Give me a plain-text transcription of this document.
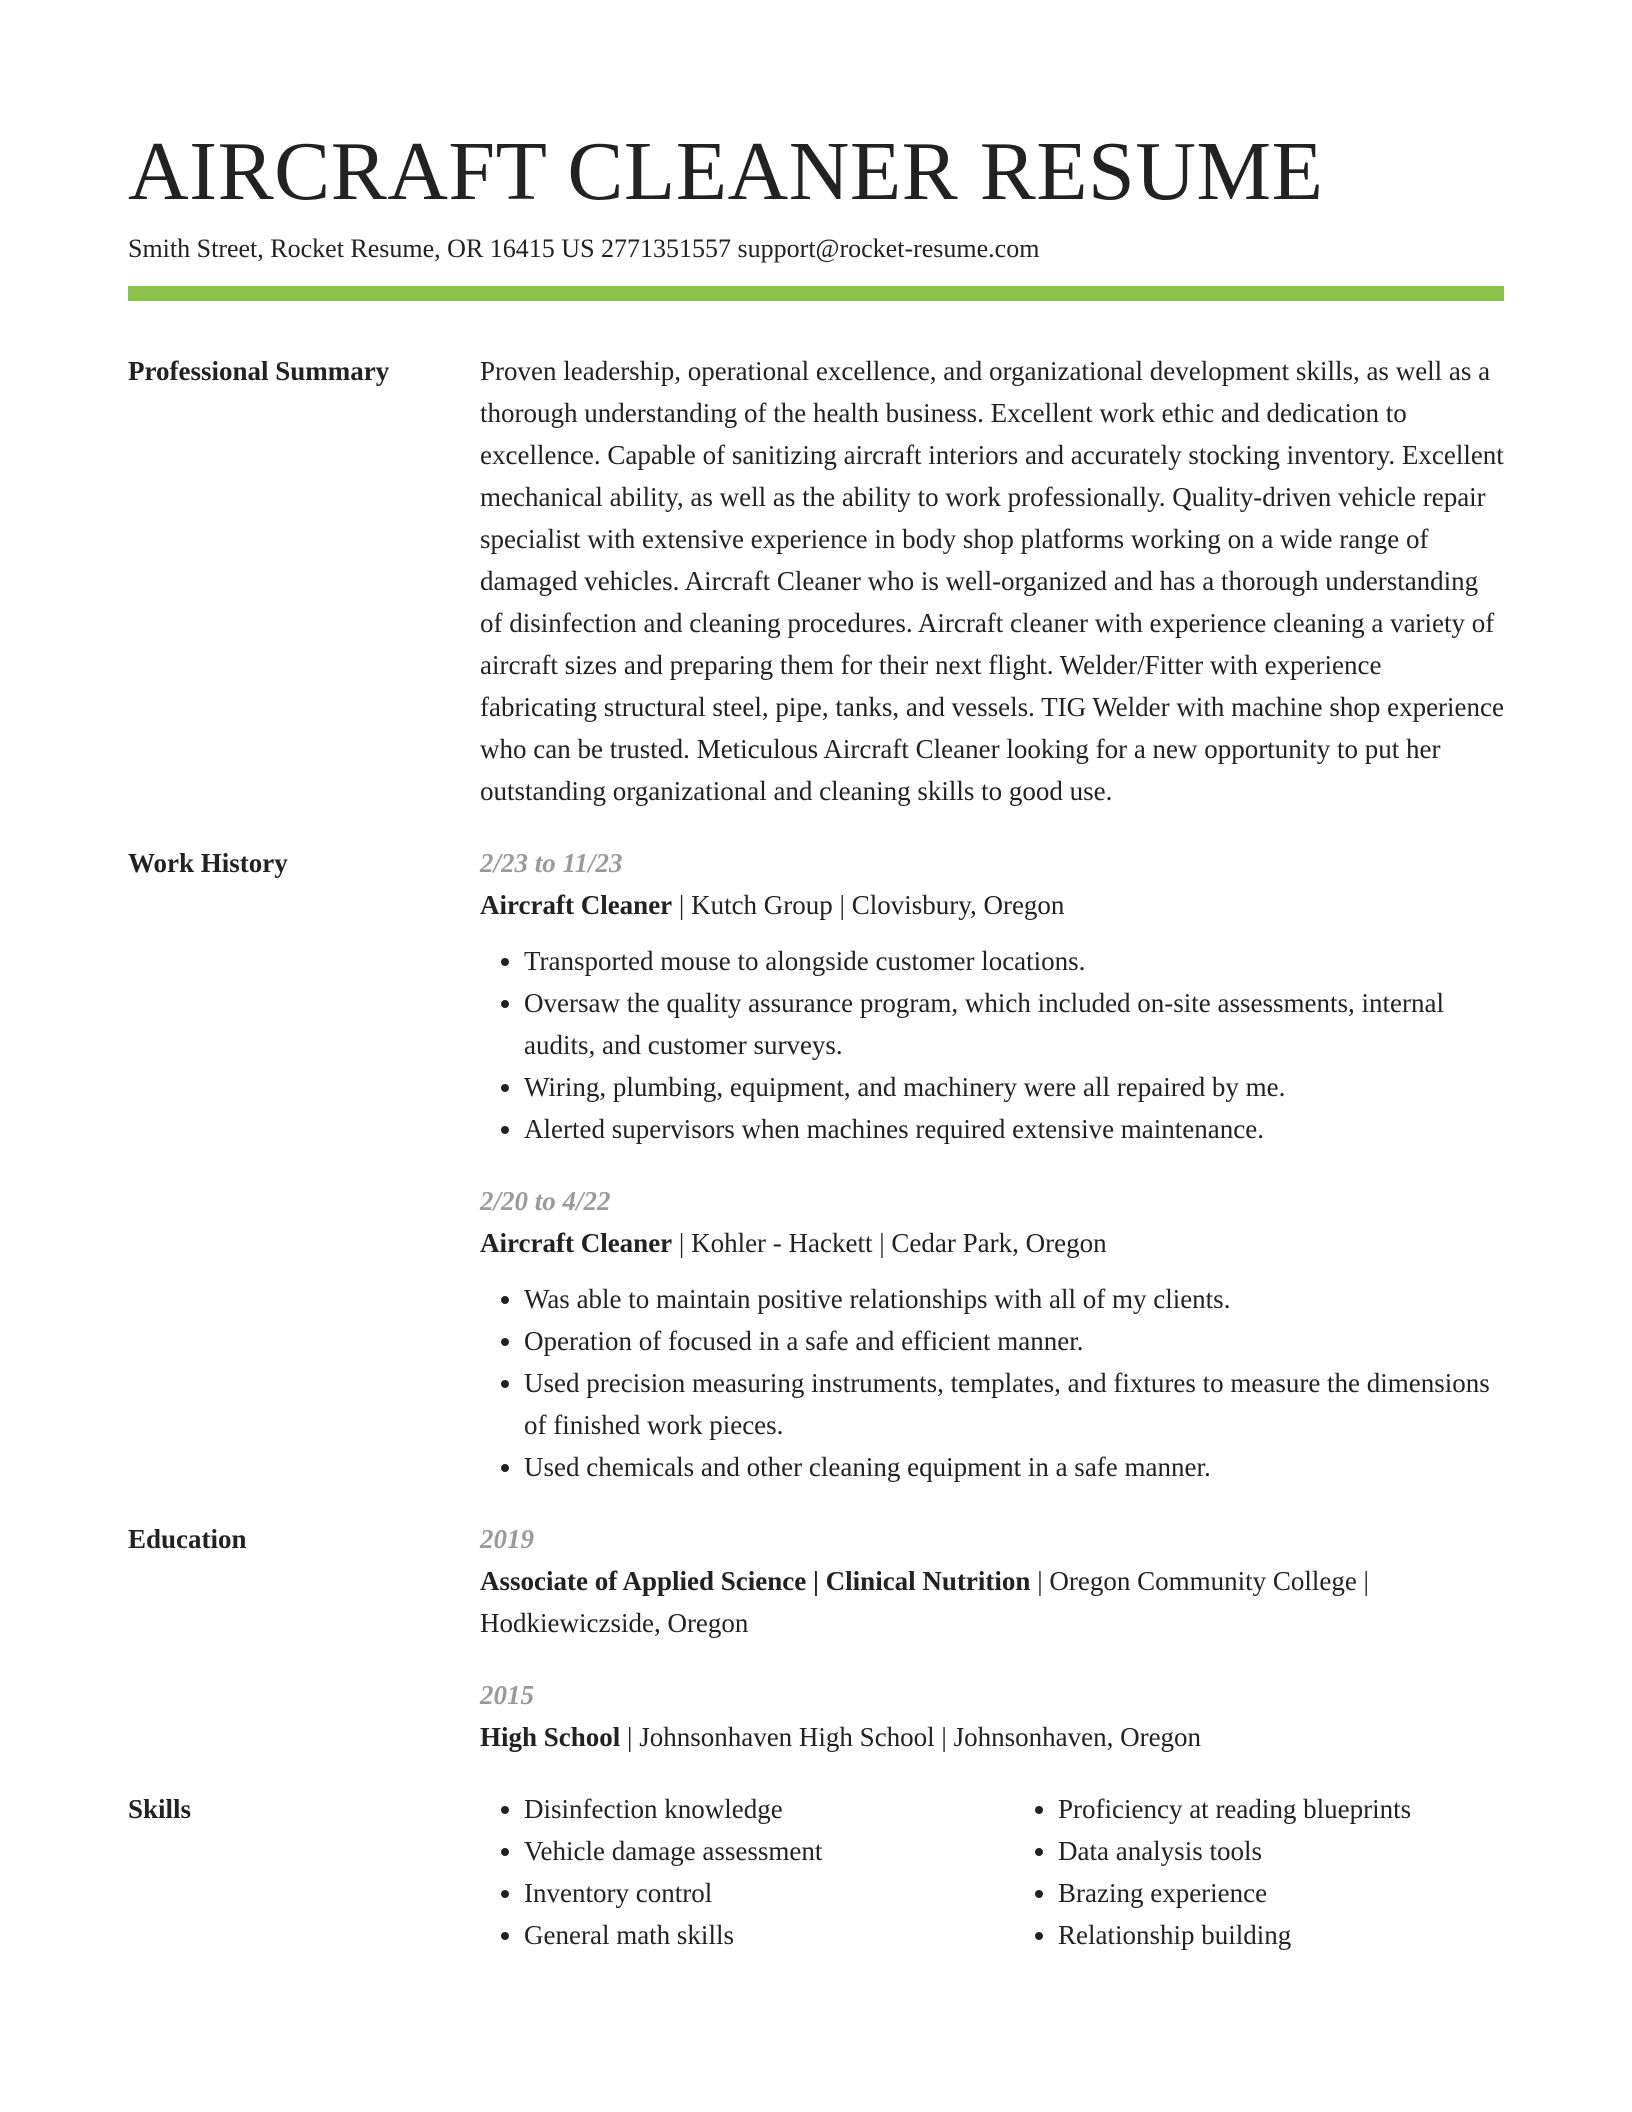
AIRCRAFT CLEANER RESUME
Smith Street, Rocket Resume, OR 16415 US 2771351557 support@rocket-resume.com
Professional Summary	Proven leadership, operational excellence, and organizational development skills, as well as a thorough understanding of the health business. Excellent work ethic and dedication to excellence. Capable of sanitizing aircraft interiors and accurately stocking inventory. Excellent mechanical ability, as well as the ability to work professionally. Quality-driven vehicle repair specialist with extensive experience in body shop platforms working on a wide range of damaged vehicles. Aircraft Cleaner who is well-organized and has a thorough understanding of disinfection and cleaning procedures. Aircraft cleaner with experience cleaning a variety of aircraft sizes and preparing them for their next flight. Welder/Fitter with experience fabricating structural steel, pipe, tanks, and vessels. TIG Welder with machine shop experience who can be trusted. Meticulous Aircraft Cleaner looking for a new opportunity to put her outstanding organizational and cleaning skills to good use.

Work History	2/23 to 11/23
Aircraft Cleaner | Kutch Group | Clovisbury, Oregon
• Transported mouse to alongside customer locations.
• Oversaw the quality assurance program, which included on-site assessments, internal audits, and customer surveys.
• Wiring, plumbing, equipment, and machinery were all repaired by me.
• Alerted supervisors when machines required extensive maintenance.
2/20 to 4/22
Aircraft Cleaner | Kohler - Hackett | Cedar Park, Oregon
• Was able to maintain positive relationships with all of my clients.
• Operation of focused in a safe and efficient manner.
• Used precision measuring instruments, templates, and fixtures to measure the dimensions of finished work pieces.
• Used chemicals and other cleaning equipment in a safe manner.
Education	2019
Associate of Applied Science | Clinical Nutrition | Oregon Community College | Hodkiewiczside, Oregon
2015
High School | Johnsonhaven High School | Johnsonhaven, Oregon
Skills
•	Disinfection knowledge
• Vehicle damage assessment
• Inventory control
• General math skills
• Proficiency at reading blueprints
• Data analysis tools
• Brazing experience
• Relationship building
